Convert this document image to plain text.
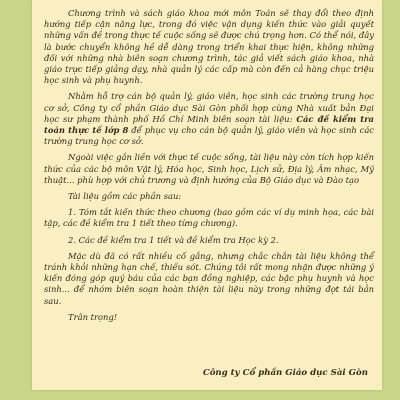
Chương trình và sách giáo khoa mới môn Toán sẽ thay đổi theo định hướng tiếp cận năng lực, trong đó việc vận dụng kiến thức vào giải quyết những vấn đề trong thực tế cuộc sống sẽ được chú trọng hơn. Có thể nói, đây là bước chuyển không hề dễ dàng trong triển khai thực hiện, không những đối với những nhà biên soạn chương trình, tác giả viết sách giáo khoa, nhà giáo trực tiếp giảng dạy, nhà quản lý các cấp mà còn đến cả hàng chục triệu học sinh và phụ huynh.

Nhằm hỗ trợ cán bộ quản lý, giáo viên, học sinh các trường trung học cơ sở, Công ty cổ phần Giáo dục Sài Gòn phối hợp cùng Nhà xuất bản Đại học sư phạm thành phố Hồ Chí Minh biên soạn tài liệu: Các đề kiểm tra toán thực tế lớp 8 để phục vụ cho cán bộ quản lý, giáo viên và học sinh các trường trung học cơ sở.

Ngoài việc gắn liền với thực tế cuộc sống, tài liệu này còn tích hợp kiến thức của các bộ môn Vật lý, Hóa học, Sinh học, Lịch sử, Địa lý, Âm nhạc, Mỹ thuật... phù hợp với chủ trương và định hướng của Bộ Giáo dục và Đào tạo

Tài liệu gồm các phần sau:

1. Tóm tắt kiến thức theo chương (bao gồm các ví dụ minh họa, các bài tập, các đề kiểm tra 1 tiết theo từng chương).

2. Các đề kiểm tra 1 tiết và đề kiểm tra Học kỳ 2.

Mặc dù đã có rất nhiều cố gắng, nhưng chắc chắn tài liệu không thể tránh khỏi những hạn chế, thiếu sót. Chúng tôi rất mong nhận được những ý kiến đóng góp quý báu của các bạn đồng nghiệp, các bậc phụ huynh và học sinh... để nhóm biên soạn hoàn thiện tài liệu này trong những đợt tái bản sau.

Trân trọng!

Công ty Cổ phần Giáo dục Sài Gòn
